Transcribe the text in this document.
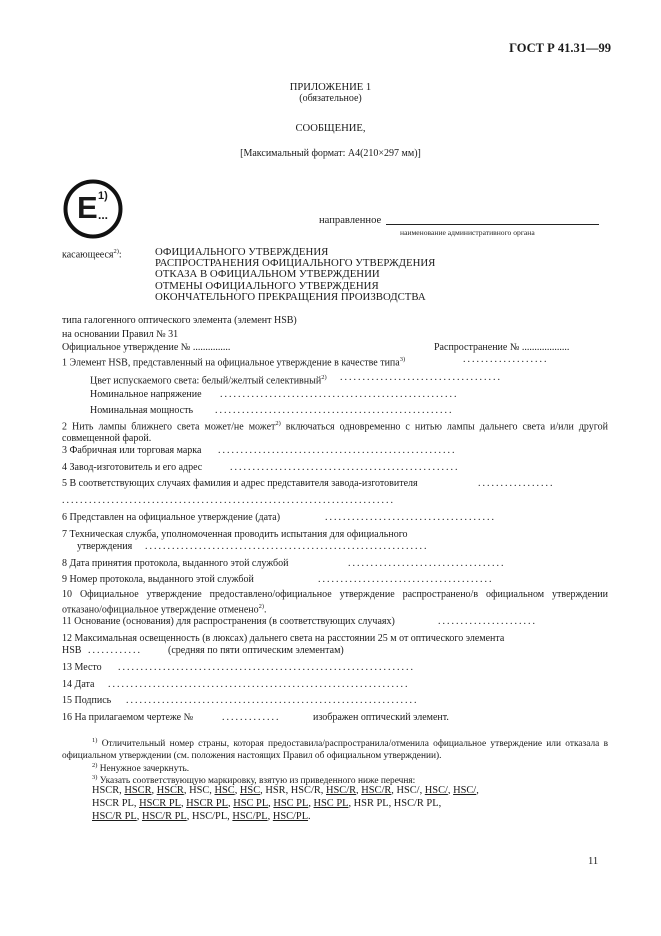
ГОСТ Р 41.31—99
ПРИЛОЖЕНИЕ 1
(обязательное)
СООБЩЕНИЕ,
[Максимальный формат: А4(210×297 мм)]
E 1)
...	направленное
наименование административного органа
касающееся$^{2)}$:	ОФИЦИАЛЬНОГО УТВЕРЖДЕНИЯ
РАСПРОСТРАНЕНИЯ ОФИЦИАЛЬНОГО УТВЕРЖДЕНИЯ
ОТКАЗА В ОФИЦИАЛЬНОМ УТВЕРЖДЕНИИ
ОТМЕНЫ ОФИЦИАЛЬНОГО УТВЕРЖДЕНИЯ
ОКОНЧАТЕЛЬНОГО ПРЕКРАЩЕНИЯ ПРОИЗВОДСТВА
типа галогенного оптического элемента (элемент HSB)
на основании Правил № 31
Официальное утверждение № ...............	Распространение № ...................
1 Элемент HSB, представленный на официальное утверждение в качестве типа$^{3)}$	...................
Цвет испускаемого света: белый/желтый селективный$^{2)}$ ....................................
Номинальное напряжение .....................................................
Номинальная мощность .....................................................
2 Нить лампы ближнего света может/не может$^{2)}$ включаться одновременно с нитью лампы дальнего света и/или другой совмещенной фарой.
3 Фабричная или торговая марка .....................................................
4 Завод-изготовитель и его адрес	...................................................
5 В соответствующих случаях фамилия и адрес представителя завода-изготовителя	.................
..........................................................................
6 Представлен на официальное утверждение (дата)	......................................
7 Техническая служба, уполномоченная проводить испытания для официального
утверждения ...............................................................
8 Дата принятия протокола, выданного этой службой	...................................
9 Номер протокола, выданного этой службой	.......................................
10 Официальное утверждение предоставлено/официальное утверждение распространено/в официальном утверждении отказано/официальное утверждение отменено$^{2)}$.
11 Основание (основания) для распространения (в соответствующих случаях)	......................
12 Максимальная освещенность (в люксах) дальнего света на расстоянии 25 м от оптического элемента
HSB ............	(средняя по пяти оптическим элементам)
13 Место ..................................................................
14 Дата ...................................................................
15 Подпись .................................................................
16 На прилагаемом чертеже №	.............	изображен оптический элемент.
$^{1)}$ Отличительный номер страны, которая предоставила/распространила/отменила официальное утверждение или отказала в официальном утверждении (см. положения настоящих Правил об официальном утверждении).
$^{2)}$ Ненужное зачеркнуть.
$^{3)}$ Указать соответствующую маркировку, взятую из приведенного ниже перечня:
HSCR, HSCR, HSCR, HSC, HSC, HSC, HSR, HSC/R, HSC/R, HSC/R, HSC/, HSC/, HSC/,
HSCR PL, HSCR PL, HSCR PL, HSC PL, HSC PL, HSC PL, HSR PL, HSC/R PL,
HSC/R PL, HSC/R PL, HSC/PL, HSC/PL, HSC/PL.
11
